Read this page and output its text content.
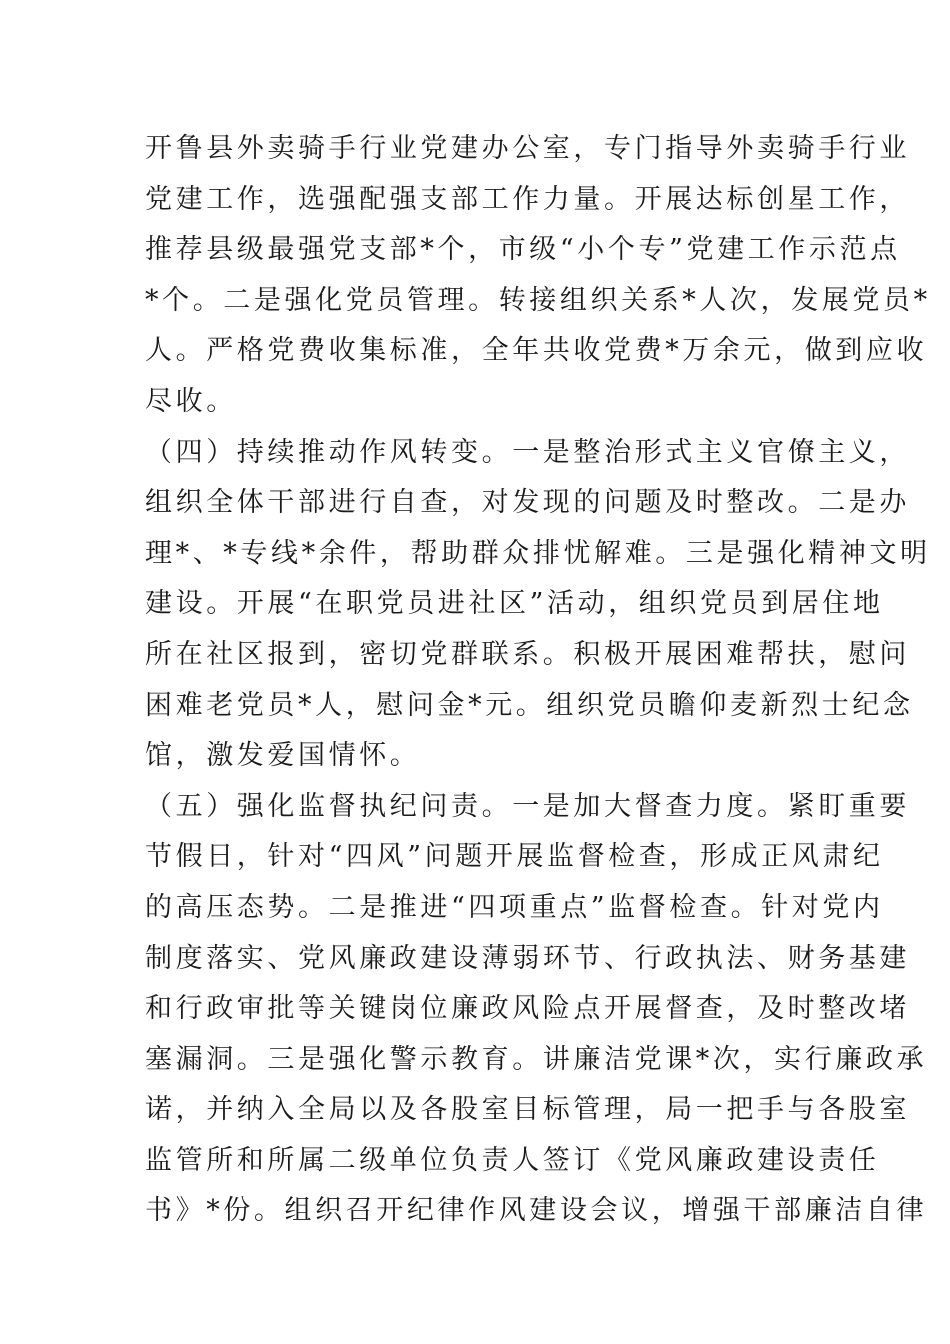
开鲁县外卖骑手行业党建办公室，专门指导外卖骑手行业
党建工作，选强配强支部工作力量。开展达标创星工作，
推荐县级最强党支部*个，市级“小个专”党建工作示范点
*个。二是强化党员管理。转接组织关系*人次，发展党员*
人。严格党费收集标准，全年共收党费*万余元，做到应收
尽收。
（四）持续推动作风转变。一是整治形式主义官僚主义，
组织全体干部进行自查，对发现的问题及时整改。二是办
理*、*专线*余件，帮助群众排忧解难。三是强化精神文明
建设。开展“在职党员进社区”活动，组织党员到居住地
所在社区报到，密切党群联系。积极开展困难帮扶，慰问
困难老党员*人，慰问金*元。组织党员瞻仰麦新烈士纪念
馆，激发爱国情怀。
（五）强化监督执纪问责。一是加大督查力度。紧盯重要
节假日，针对“四风”问题开展监督检查，形成正风肃纪
的高压态势。二是推进“四项重点”监督检查。针对党内
制度落实、党风廉政建设薄弱环节、行政执法、财务基建
和行政审批等关键岗位廉政风险点开展督查，及时整改堵
塞漏洞。三是强化警示教育。讲廉洁党课*次，实行廉政承
诺，并纳入全局以及各股室目标管理，局一把手与各股室
监管所和所属二级单位负责人签订《党风廉政建设责任
书》*份。组织召开纪律作风建设会议，增强干部廉洁自律
